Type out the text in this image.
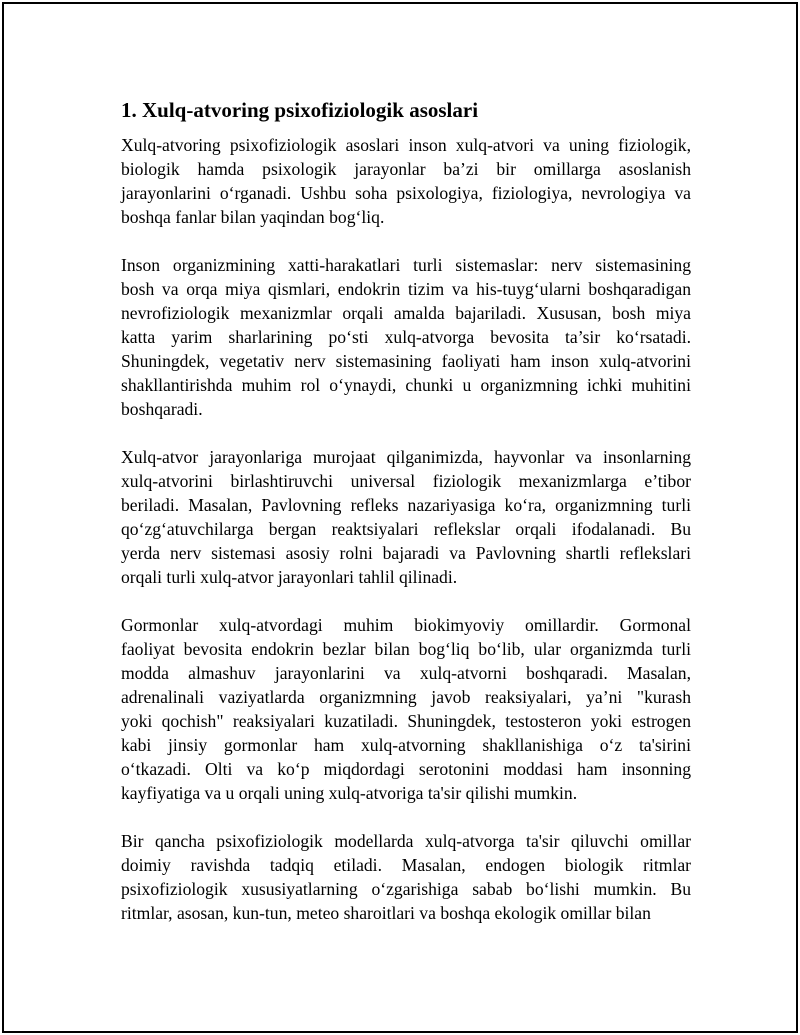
1. Xulq-atvoring psixofiziologik asoslari

Xulq-atvoring psixofiziologik asoslari inson xulq-atvori va uning fiziologik,
biologik hamda psixologik jarayonlar ba’zi bir omillarga asoslanish
jarayonlarini o‘rganadi. Ushbu soha psixologiya, fiziologiya, nevrologiya va
boshqa fanlar bilan yaqindan bog‘liq.

Inson organizmining xatti-harakatlari turli sistemaslar: nerv sistemasining
bosh va orqa miya qismlari, endokrin tizim va his-tuyg‘ularni boshqaradigan
nevrofiziologik mexanizmlar orqali amalda bajariladi. Xususan, bosh miya
katta yarim sharlarining po‘sti xulq-atvorga bevosita ta’sir ko‘rsatadi.
Shuningdek, vegetativ nerv sistemasining faoliyati ham inson xulq-atvorini
shakllantirishda muhim rol o‘ynaydi, chunki u organizmning ichki muhitini
boshqaradi.

Xulq-atvor jarayonlariga murojaat qilganimizda, hayvonlar va insonlarning
xulq-atvorini birlashtiruvchi universal fiziologik mexanizmlarga e’tibor
beriladi. Masalan, Pavlovning refleks nazariyasiga ko‘ra, organizmning turli
qo‘zg‘atuvchilarga bergan reaktsiyalari reflekslar orqali ifodalanadi. Bu
yerda nerv sistemasi asosiy rolni bajaradi va Pavlovning shartli reflekslari
orqali turli xulq-atvor jarayonlari tahlil qilinadi.

Gormonlar xulq-atvordagi muhim biokimyoviy omillardir. Gormonal
faoliyat bevosita endokrin bezlar bilan bog‘liq bo‘lib, ular organizmda turli
modda almashuv jarayonlarini va xulq-atvorni boshqaradi. Masalan,
adrenalinali vaziyatlarda organizmning javob reaksiyalari, ya’ni "kurash
yoki qochish" reaksiyalari kuzatiladi. Shuningdek, testosteron yoki estrogen
kabi jinsiy gormonlar ham xulq-atvorning shakllanishiga o‘z ta'sirini
o‘tkazadi. Olti va ko‘p miqdordagi serotonini moddasi ham insonning
kayfiyatiga va u orqali uning xulq-atvoriga ta'sir qilishi mumkin.

Bir qancha psixofiziologik modellarda xulq-atvorga ta'sir qiluvchi omillar
doimiy ravishda tadqiq etiladi. Masalan, endogen biologik ritmlar
psixofiziologik xususiyatlarning o‘zgarishiga sabab bo‘lishi mumkin. Bu
ritmlar, asosan, kun-tun, meteo sharoitlari va boshqa ekologik omillar bilan
